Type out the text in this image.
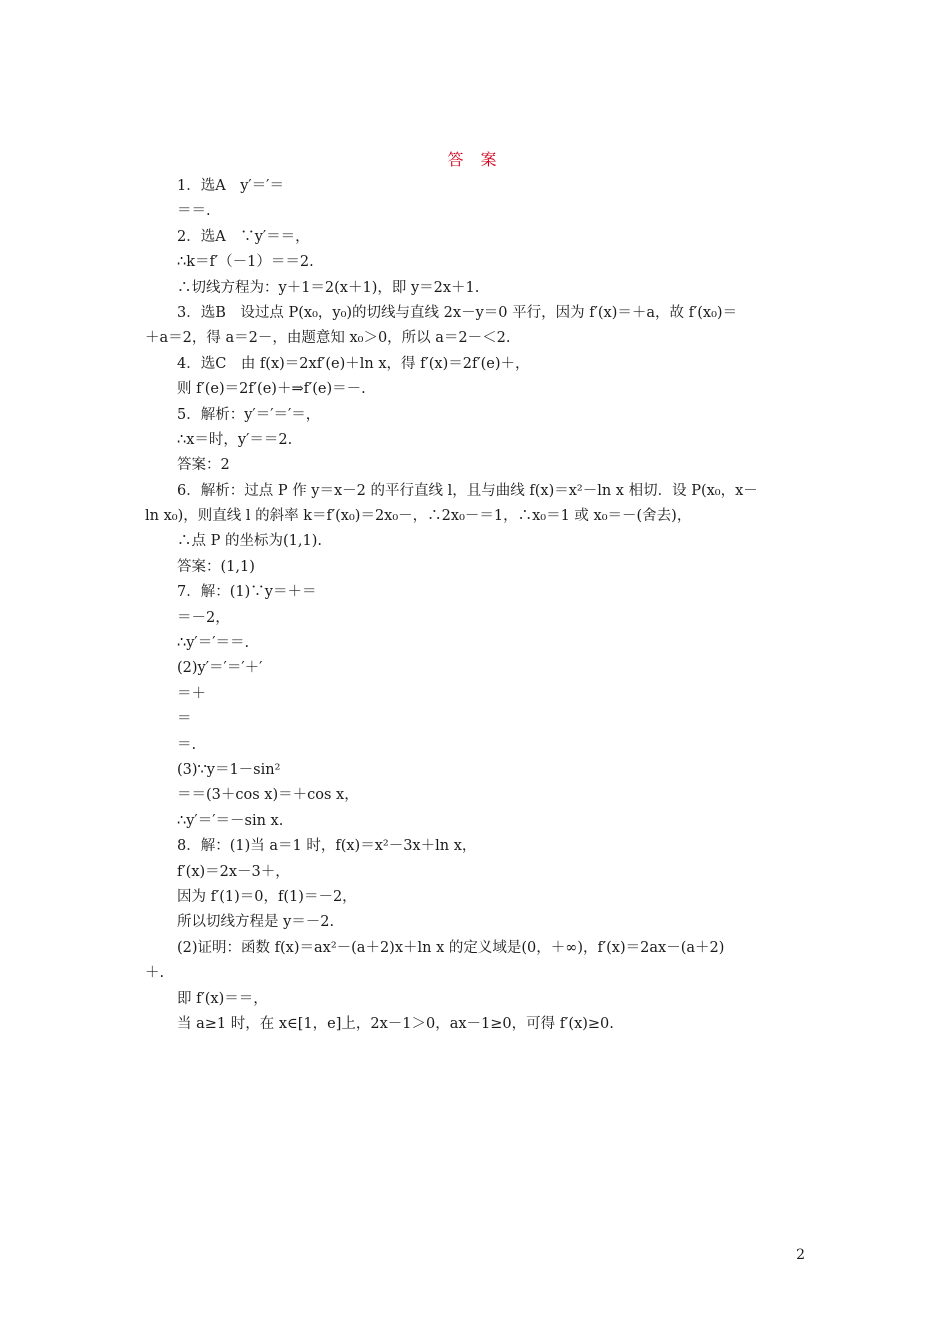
答 案
1．选A　y′＝′＝
＝＝.
2．选A　∵y′＝＝，
∴k＝f′（－1）＝＝2.
∴切线方程为：y＋1＝2(x＋1)，即 y＝2x＋1.
3．选B　设过点 P(x₀，y₀)的切线与直线 2x－y＝0 平行，因为 f′(x)＝＋a，故 f′(x₀)＝
＋a＝2，得 a＝2－，由题意知 x₀＞0，所以 a＝2－＜2.
4．选C　由 f(x)＝2xf′(e)＋ln x，得 f′(x)＝2f′(e)＋，
则 f′(e)＝2f′(e)＋⇒f′(e)＝－.
5．解析：y′＝′＝′＝，
∴x＝时，y′＝＝2.
答案：2
6．解析：过点 P 作 y＝x－2 的平行直线 l，且与曲线 f(x)＝x²－ln x 相切．设 P(x₀，x－
ln x₀)，则直线 l 的斜率 k＝f′(x₀)＝2x₀－，∴2x₀－＝1，∴x₀＝1 或 x₀＝－(舍去)，
∴点 P 的坐标为(1,1).
答案：(1,1)
7．解：(1)∵y＝＋＝
＝－2，
∴y′＝′＝＝.
(2)y′＝′＝′＋′
＝＋
＝
＝.
(3)∵y＝1－sin²
＝＝(3＋cos x)＝＋cos x，
∴y′＝′＝－sin x.
8．解：(1)当 a＝1 时，f(x)＝x²－3x＋ln x，
f′(x)＝2x－3＋，
因为 f′(1)＝0，f(1)＝－2，
所以切线方程是 y＝－2.
(2)证明：函数 f(x)＝ax²－(a＋2)x＋ln x 的定义域是(0，＋∞)，f′(x)＝2ax－(a＋2)
＋.
即 f′(x)＝＝，
当 a≥1 时，在 x∈[1，e]上，2x－1＞0，ax－1≥0，可得 f′(x)≥0.
2
